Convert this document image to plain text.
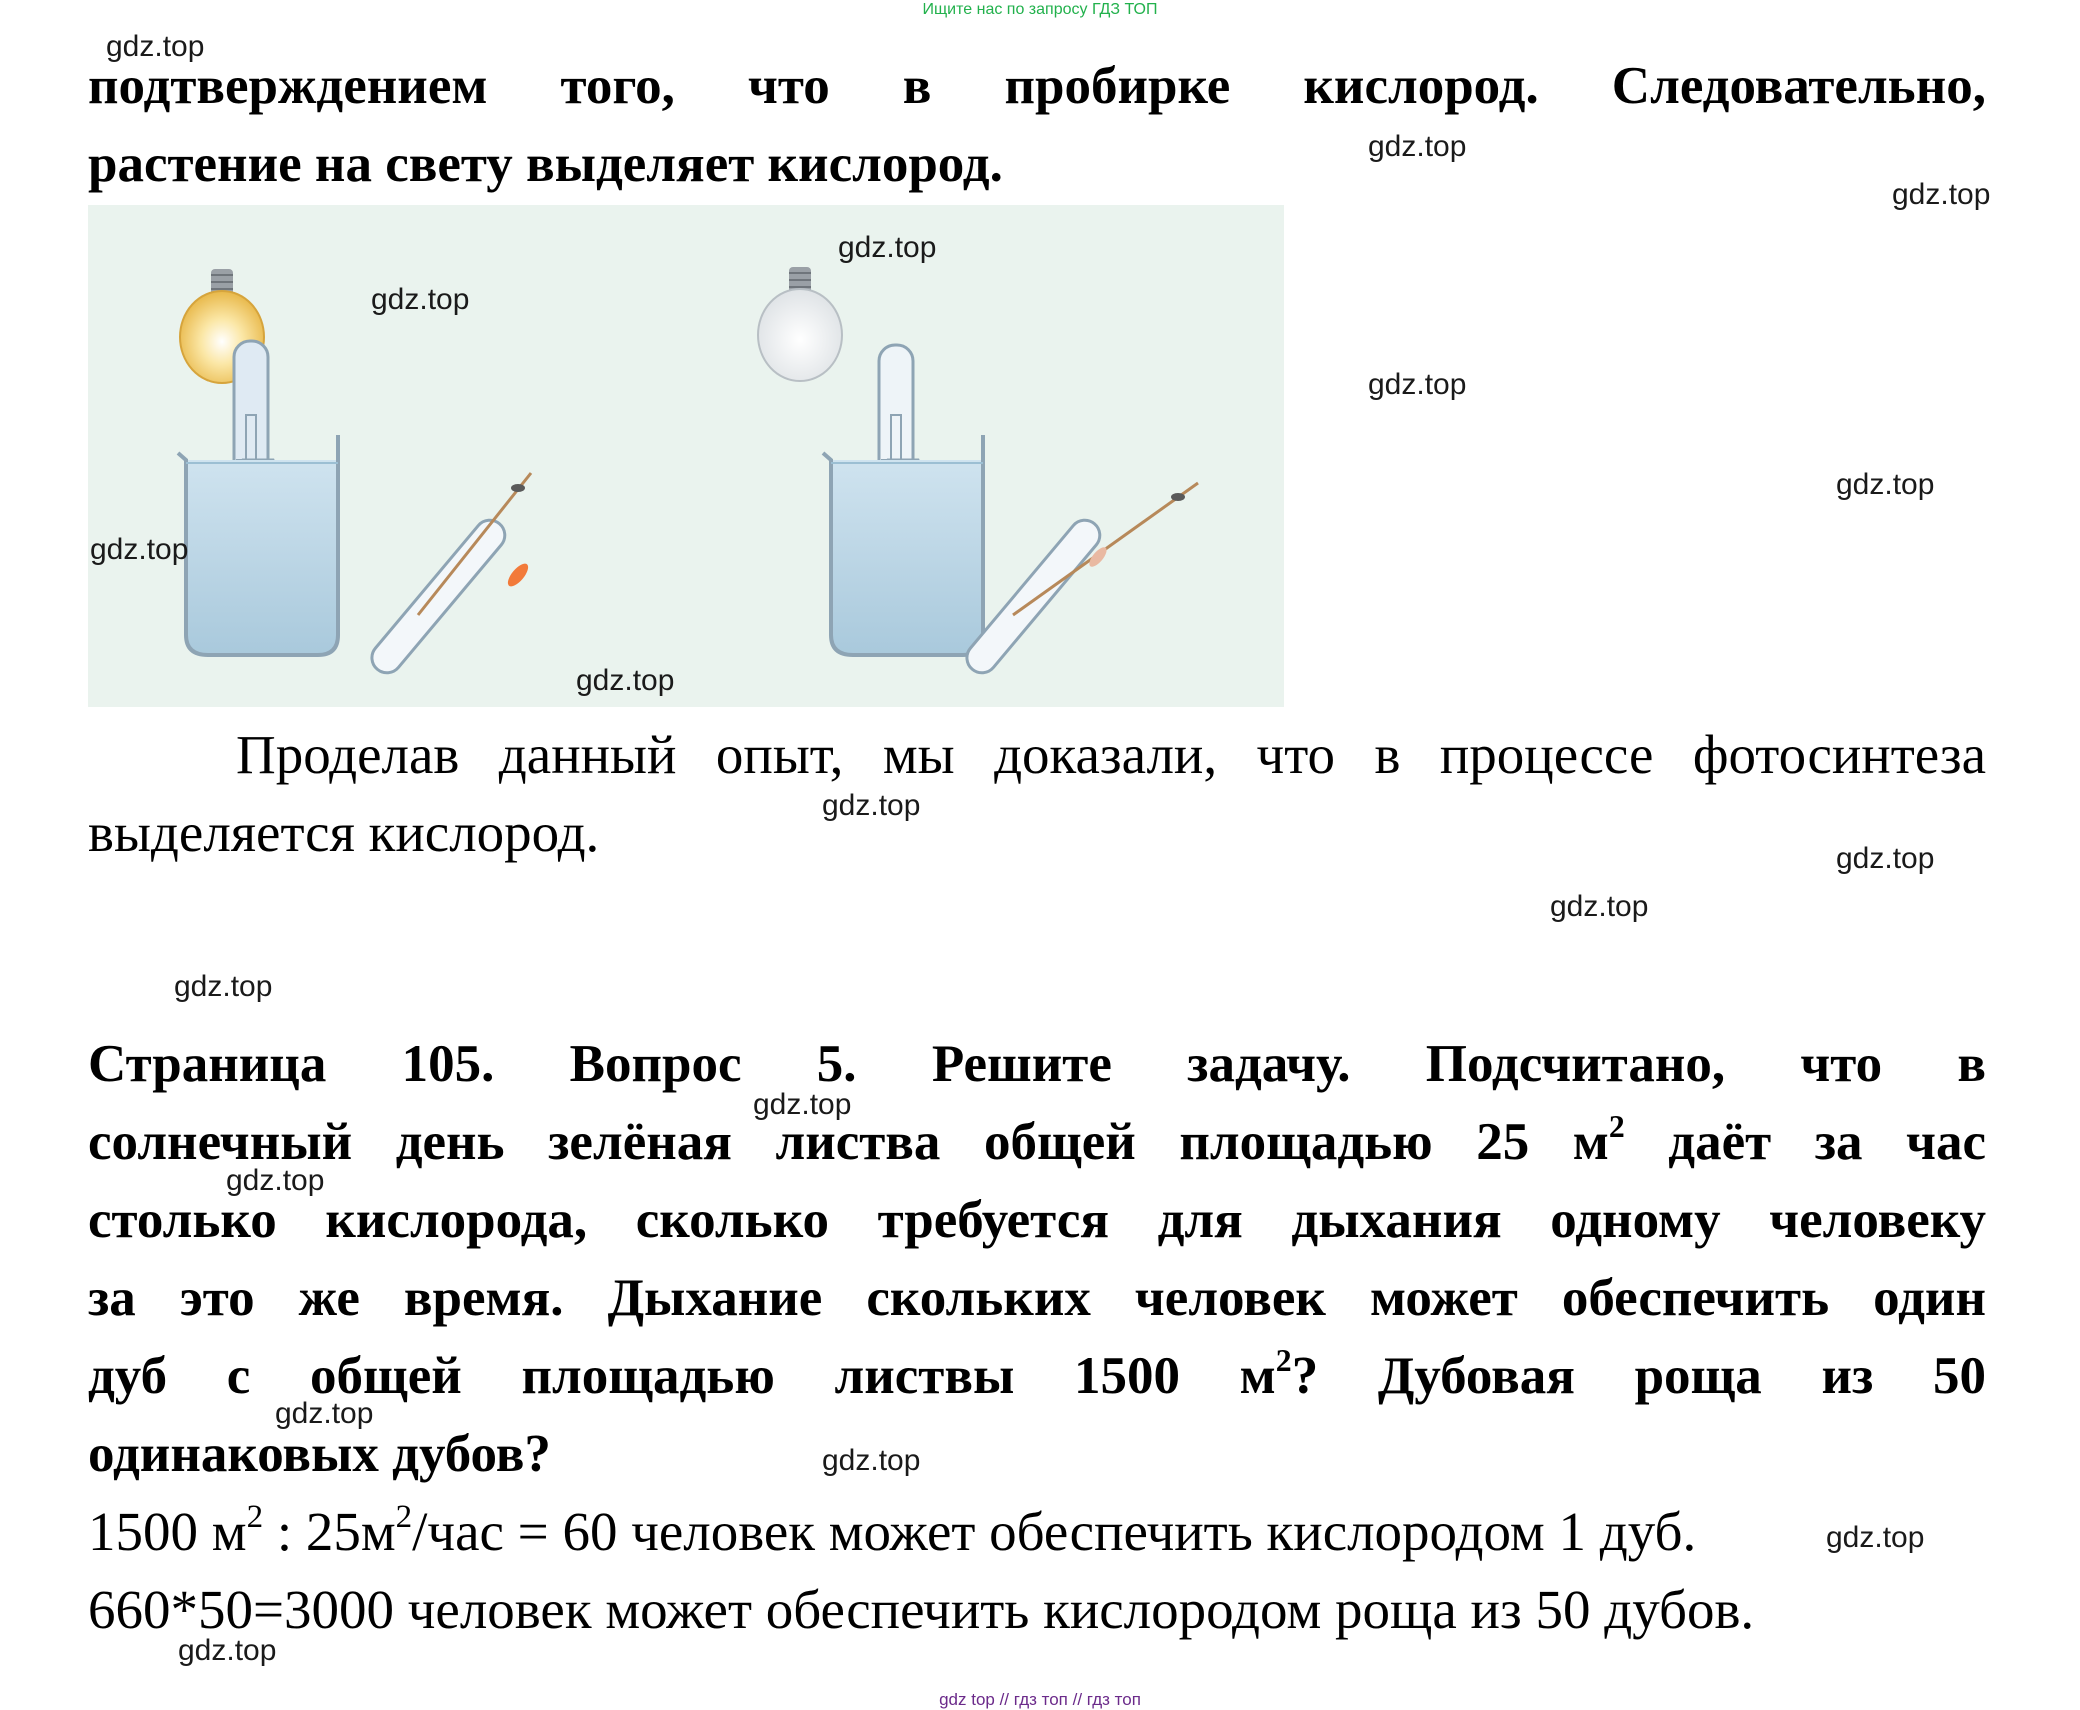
Ищите нас по запросу ГДЗ ТОП
подтверждением того, что в пробирке кислород. Следовательно,
растение на свету выделяет кислород.
Проделав данный опыт, мы доказали, что в процессе фотосинтеза
выделяется кислород.
Страница 105. Вопрос 5. Решите задачу. Подсчитано, что в
солнечный день зелёная листва общей площадью 25 $м^2$ даёт за час
столько кислорода, сколько требуется для дыхания одному человеку
за это же время. Дыхание скольких человек может обеспечить один
дуб с общей площадью листвы 1500 $м^2$? Дубовая роща из 50
одинаковых дубов?
1500 $м^2$ : $25м^2$/час = 60 человек может обеспечить кислородом 1 дуб.
660*50=3000 человек может обеспечить кислородом роща из 50 дубов.
gdz.top
gdz.top
gdz.top
gdz.top
gdz.top
gdz.top
gdz.top
gdz.top
gdz.top
gdz.top
gdz.top
gdz.top
gdz.top
gdz.top
gdz.top
gdz.top
gdz.top
gdz.top
gdz.top
gdz top // гдз топ // гдз топ
